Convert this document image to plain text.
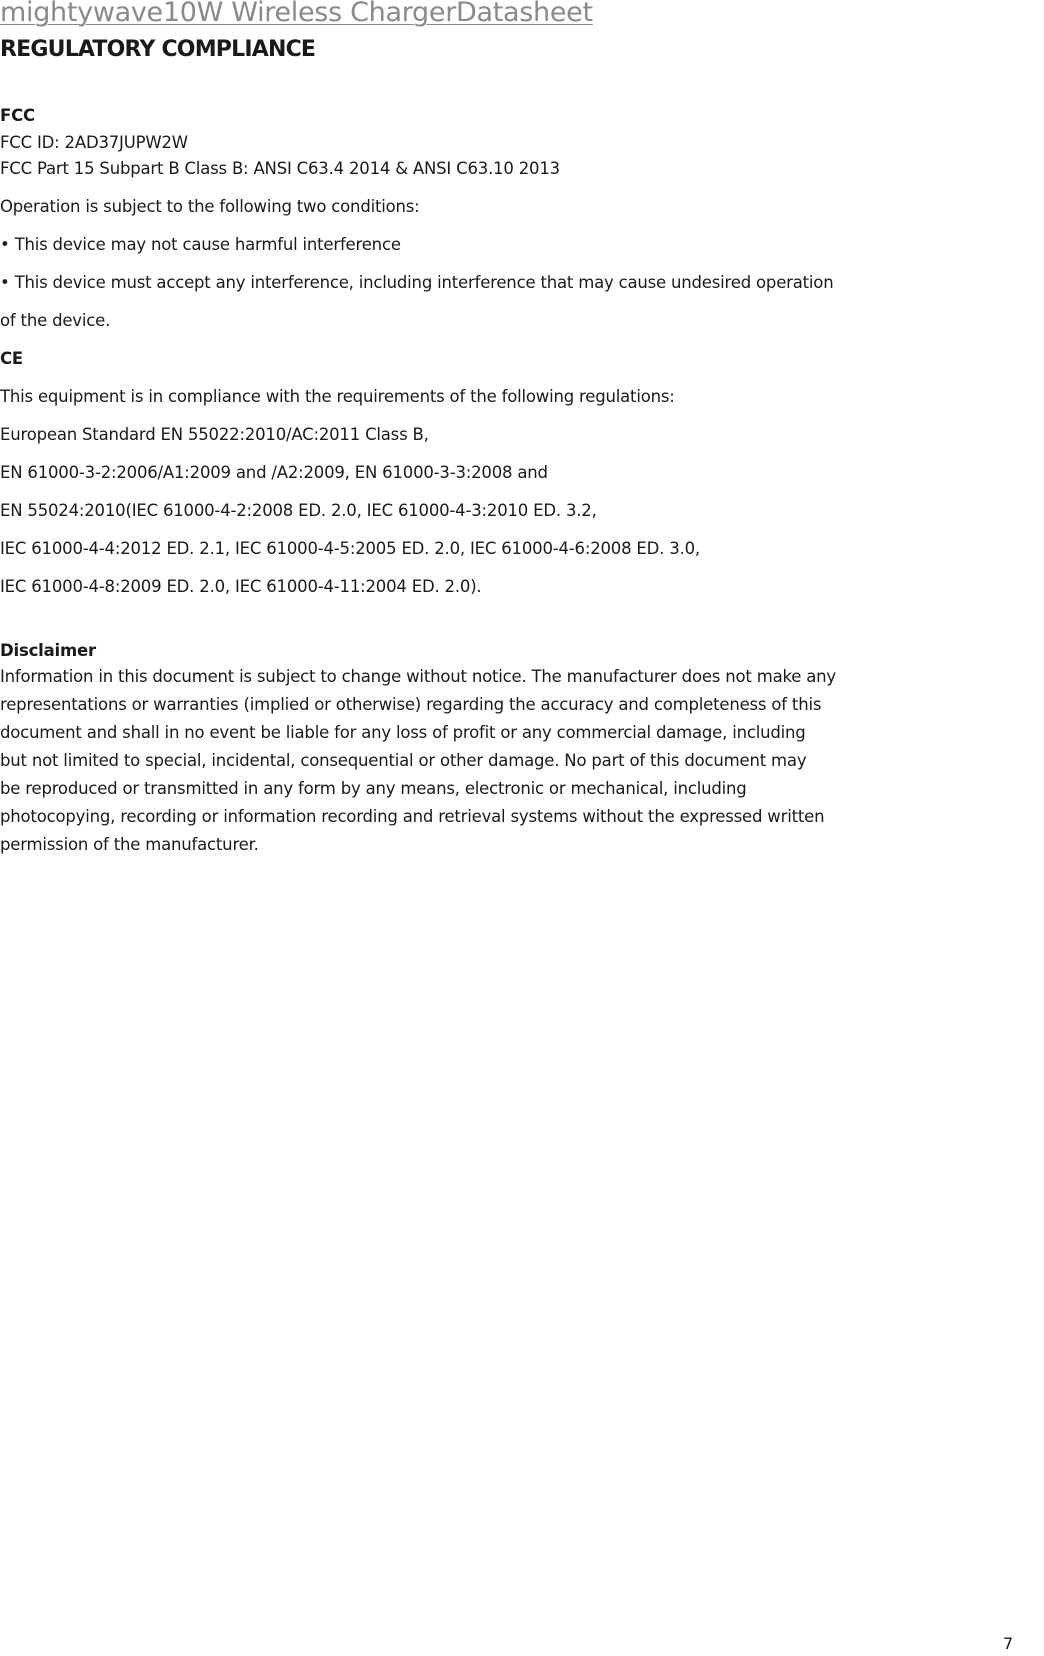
mightywave10W Wireless ChargerDatasheet
REGULATORY COMPLIANCE
FCC
FCC ID: 2AD37JUPW2W
FCC Part 15 Subpart B Class B: ANSI C63.4 2014 & ANSI C63.10 2013
Operation is subject to the following two conditions:
• This device may not cause harmful interference
• This device must accept any interference, including interference that may cause undesired operation
of the device.
CE
This equipment is in compliance with the requirements of the following regulations:
European Standard EN 55022:2010/AC:2011 Class B,
EN 61000-3-2:2006/A1:2009 and /A2:2009, EN 61000-3-3:2008 and
EN 55024:2010(IEC 61000-4-2:2008 ED. 2.0, IEC 61000-4-3:2010 ED. 3.2,
IEC 61000-4-4:2012 ED. 2.1, IEC 61000-4-5:2005 ED. 2.0, IEC 61000-4-6:2008 ED. 3.0,
IEC 61000-4-8:2009 ED. 2.0, IEC 61000-4-11:2004 ED. 2.0).
Disclaimer
Information in this document is subject to change without notice. The manufacturer does not make any
representations or warranties (implied or otherwise) regarding the accuracy and completeness of this
document and shall in no event be liable for any loss of profit or any commercial damage, including
but not limited to special, incidental, consequential or other damage. No part of this document may
be reproduced or transmitted in any form by any means, electronic or mechanical, including
photocopying, recording or information recording and retrieval systems without the expressed written
permission of the manufacturer.
7
